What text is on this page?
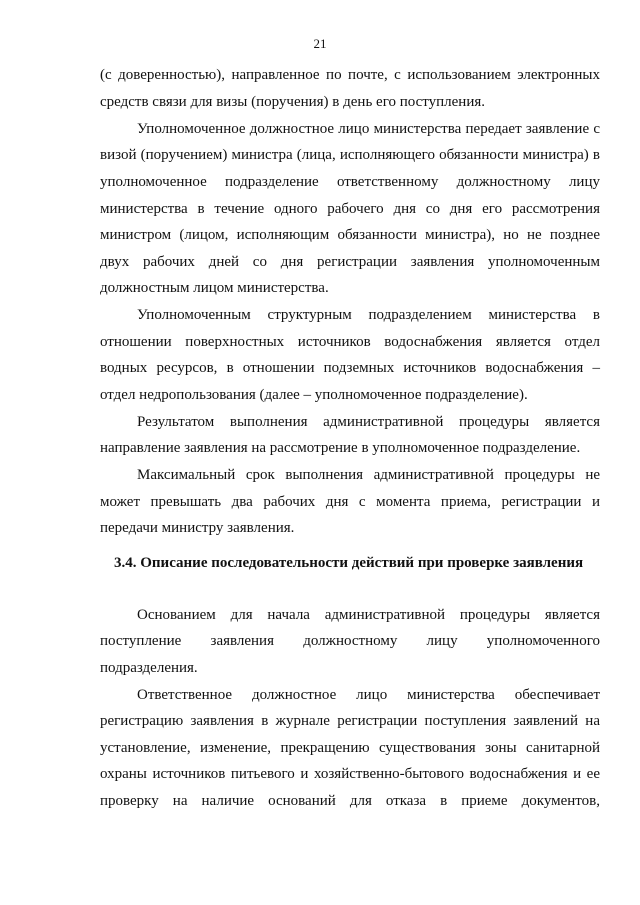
21
(с доверенностью), направленное по почте, с использованием электронных
средств связи для визы (поручения) в день его поступления.
Уполномоченное должностное лицо министерства передает заявление с
визой (поручением) министра (лица, исполняющего обязанности министра) в
уполномоченное подразделение ответственному должностному лицу
министерства в течение одного рабочего дня со дня его рассмотрения
министром (лицом, исполняющим обязанности министра), но не позднее
двух рабочих дней со дня регистрации заявления уполномоченным
должностным лицом министерства.
Уполномоченным структурным подразделением министерства в
отношении поверхностных источников водоснабжения является отдел
водных ресурсов, в отношении подземных источников водоснабжения –
отдел недропользования (далее – уполномоченное подразделение).
Результатом выполнения административной процедуры является
направление заявления на рассмотрение в уполномоченное подразделение.
Максимальный срок выполнения административной процедуры не
может превышать два рабочих дня с момента приема, регистрации и
передачи министру заявления.
3.4. Описание последовательности действий при проверке заявления
Основанием для начала административной процедуры является
поступление заявления должностному лицу уполномоченного
подразделения.
Ответственное должностное лицо министерства обеспечивает
регистрацию заявления в журнале регистрации поступления заявлений на
установление, изменение, прекращению существования зоны санитарной
охраны источников питьевого и хозяйственно-бытового водоснабжения и ее
проверку на наличие оснований для отказа в приеме документов,
